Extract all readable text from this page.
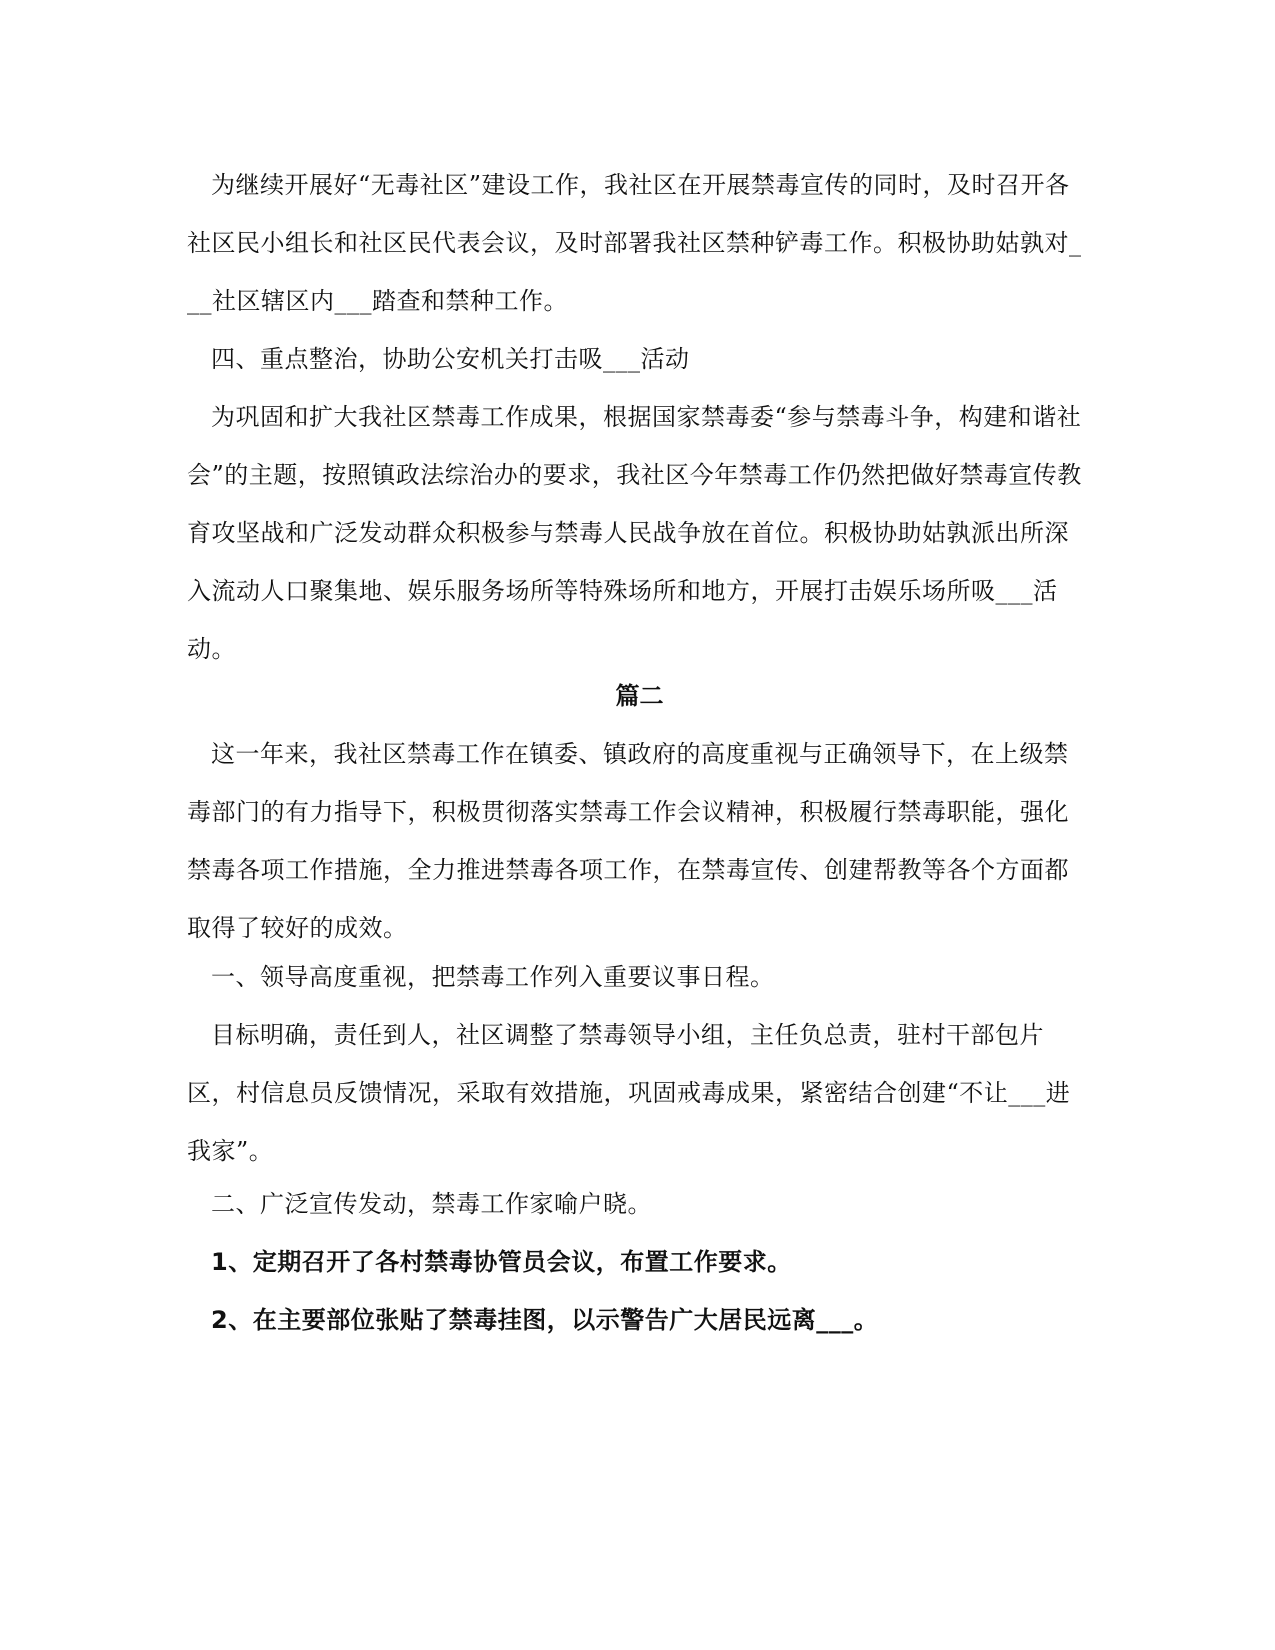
为继续开展好“无毒社区”建设工作，我社区在开展禁毒宣传的同时，及时召开各社区民小组长和社区民代表会议，及时部署我社区禁种铲毒工作。积极协助姑孰对___社区辖区内___踏查和禁种工作。

四、重点整治，协助公安机关打击吸___活动

为巩固和扩大我社区禁毒工作成果，根据国家禁毒委“参与禁毒斗争，构建和谐社会”的主题，按照镇政法综治办的要求，我社区今年禁毒工作仍然把做好禁毒宣传教育攻坚战和广泛发动群众积极参与禁毒人民战争放在首位。积极协助姑孰派出所深入流动人口聚集地、娱乐服务场所等特殊场所和地方，开展打击娱乐场所吸___活动。

篇二

这一年来，我社区禁毒工作在镇委、镇政府的高度重视与正确领导下，在上级禁毒部门的有力指导下，积极贯彻落实禁毒工作会议精神，积极履行禁毒职能，强化禁毒各项工作措施，全力推进禁毒各项工作，在禁毒宣传、创建帮教等各个方面都取得了较好的成效。

一、领导高度重视，把禁毒工作列入重要议事日程。

目标明确，责任到人，社区调整了禁毒领导小组，主任负总责，驻村干部包片区，村信息员反馈情况，采取有效措施，巩固戒毒成果，紧密结合创建“不让___进我家”。

二、广泛宣传发动，禁毒工作家喻户晓。

1、定期召开了各村禁毒协管员会议，布置工作要求。

2、在主要部位张贴了禁毒挂图，以示警告广大居民远离___。
